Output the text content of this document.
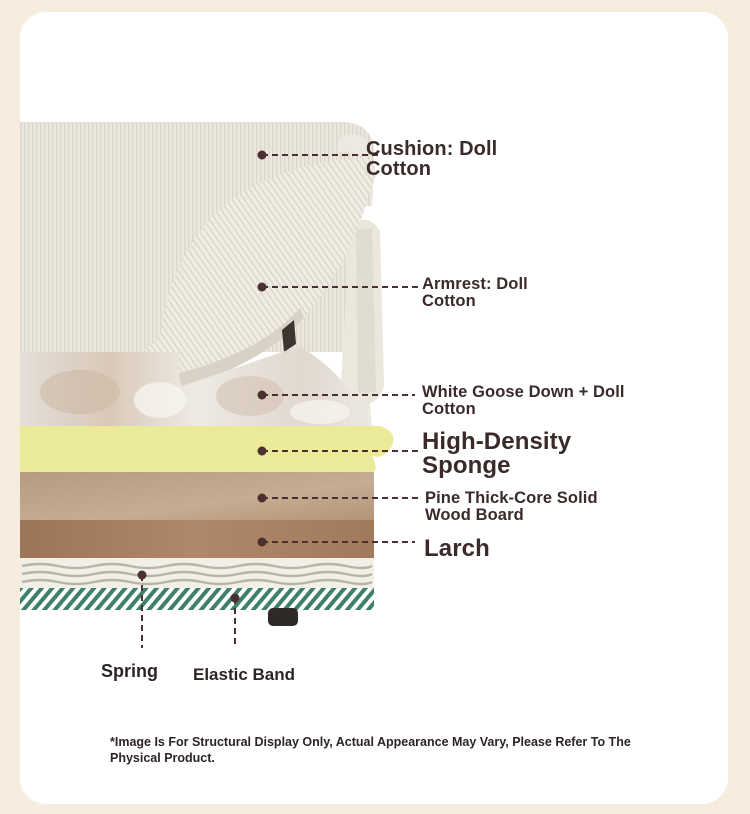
Cushion: Doll Cotton
Armrest: Doll Cotton
White Goose Down + Doll Cotton
High-Density Sponge
Pine Thick-Core Solid Wood Board
Larch
Spring Elastic Band
*Image Is For Structural Display Only, Actual Appearance May Vary, Please Refer To The Physical Product.
